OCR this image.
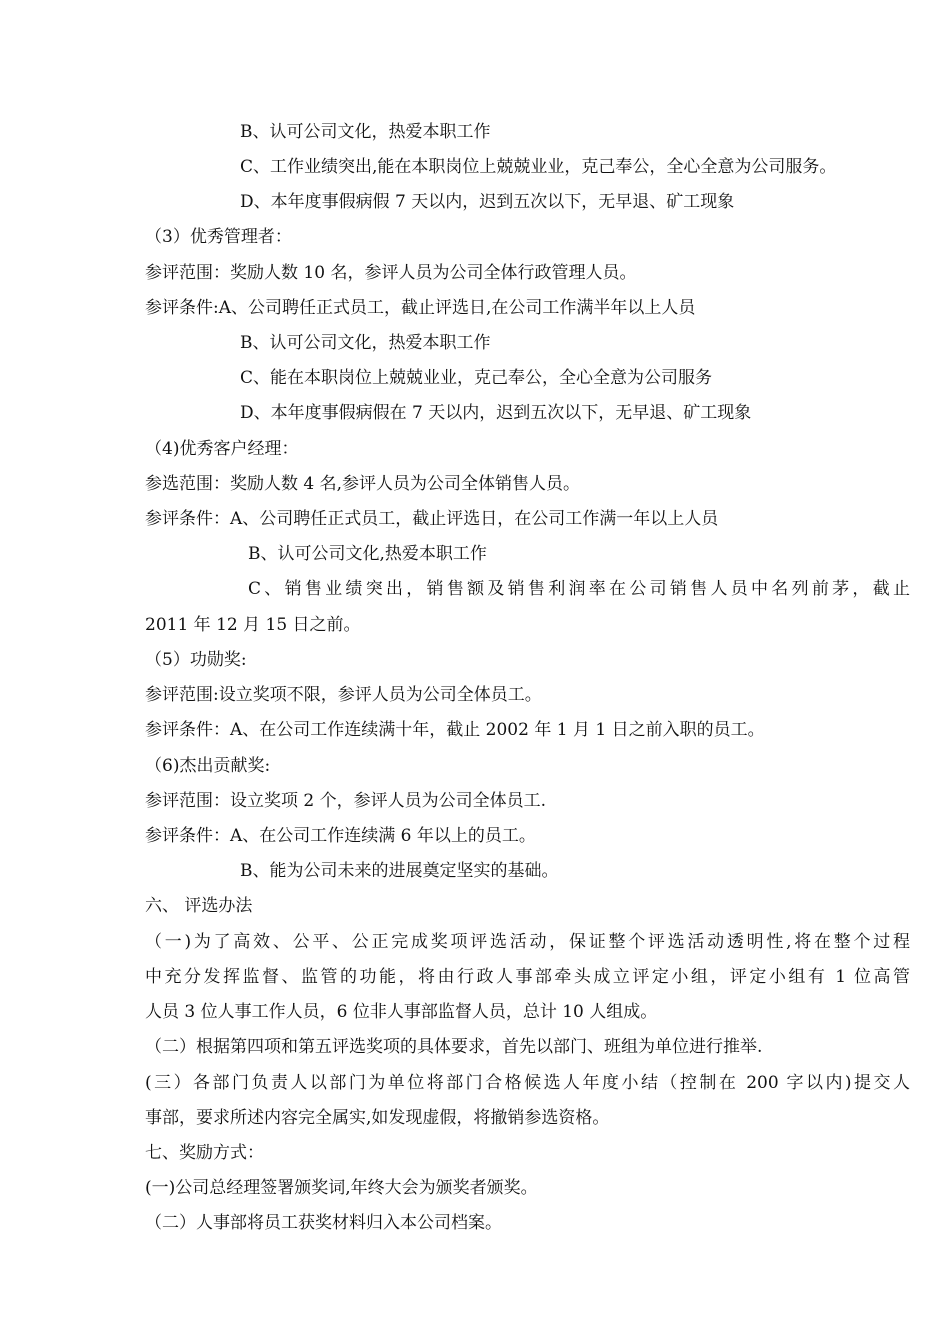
B、认可公司文化，热爱本职工作
C、工作业绩突出,能在本职岗位上兢兢业业，克己奉公，全心全意为公司服务。
D、本年度事假病假 7 天以内，迟到五次以下，无早退、矿工现象
（3）优秀管理者：
参评范围：奖励人数 10 名，参评人员为公司全体行政管理人员。
参评条件:A、公司聘任正式员工，截止评选日,在公司工作满半年以上人员
B、认可公司文化，热爱本职工作
C、能在本职岗位上兢兢业业，克己奉公，全心全意为公司服务
D、本年度事假病假在 7 天以内，迟到五次以下，无早退、矿工现象
（4)优秀客户经理：
参选范围：奖励人数 4 名,参评人员为公司全体销售人员。
参评条件：A、公司聘任正式员工，截止评选日，在公司工作满一年以上人员
B、认可公司文化,热爱本职工作
C、销售业绩突出，销售额及销售利润率在公司销售人员中名列前茅，截止
2011 年 12 月 15 日之前。
（5）功勋奖:
参评范围:设立奖项不限，参评人员为公司全体员工。
参评条件：A、在公司工作连续满十年，截止 2002 年 1 月 1 日之前入职的员工。
（6)杰出贡献奖:
参评范围：设立奖项 2 个，参评人员为公司全体员工.
参评条件：A、在公司工作连续满 6 年以上的员工。
B、能为公司未来的进展奠定坚实的基础。
六、 评选办法
（一)为了高效、公平、公正完成奖项评选活动，保证整个评选活动透明性,将在整个过程
中充分发挥监督、监管的功能，将由行政人事部牵头成立评定小组，评定小组有 1 位高管
人员 3 位人事工作人员，6 位非人事部监督人员，总计 10 人组成。
（二）根据第四项和第五评选奖项的具体要求，首先以部门、班组为单位进行推举.
(三）各部门负责人以部门为单位将部门合格候选人年度小结（控制在 200 字以内)提交人
事部，要求所述内容完全属实,如发现虚假，将撤销参选资格。
七、奖励方式：
(一)公司总经理签署颁奖词,年终大会为颁奖者颁奖。
（二）人事部将员工获奖材料归入本公司档案。
